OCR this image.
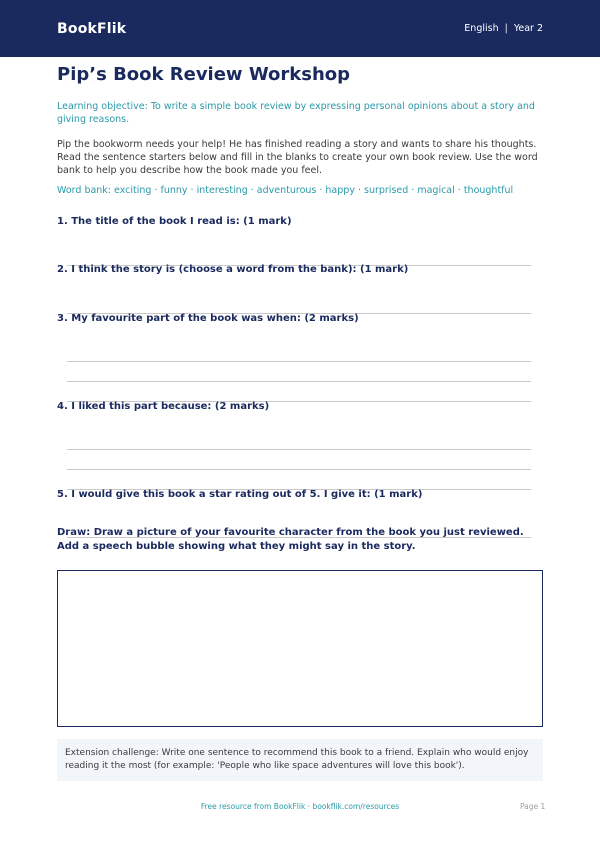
BookFlik	English | Year 2
Pip’s Book Review Workshop
Learning objective: To write a simple book review by expressing personal opinions about a story and giving reasons.
Pip the bookworm needs your help! He has finished reading a story and wants to share his thoughts. Read the sentence starters below and fill in the blanks to create your own book review. Use the word bank to help you describe how the book made you feel.
Word bank: exciting · funny · interesting · adventurous · happy · surprised · magical · thoughtful
1. The title of the book I read is: (1 mark)
2. I think the story is (choose a word from the bank): (1 mark)
3. My favourite part of the book was when: (2 marks)
4. I liked this part because: (2 marks)
5. I would give this book a star rating out of 5. I give it: (1 mark)
Draw: Draw a picture of your favourite character from the book you just reviewed. Add a speech bubble showing what they might say in the story.
Extension challenge: Write one sentence to recommend this book to a friend. Explain who would enjoy reading it the most (for example: 'People who like space adventures will love this book').
Free resource from BookFlik · bookflik.com/resources	Page 1
